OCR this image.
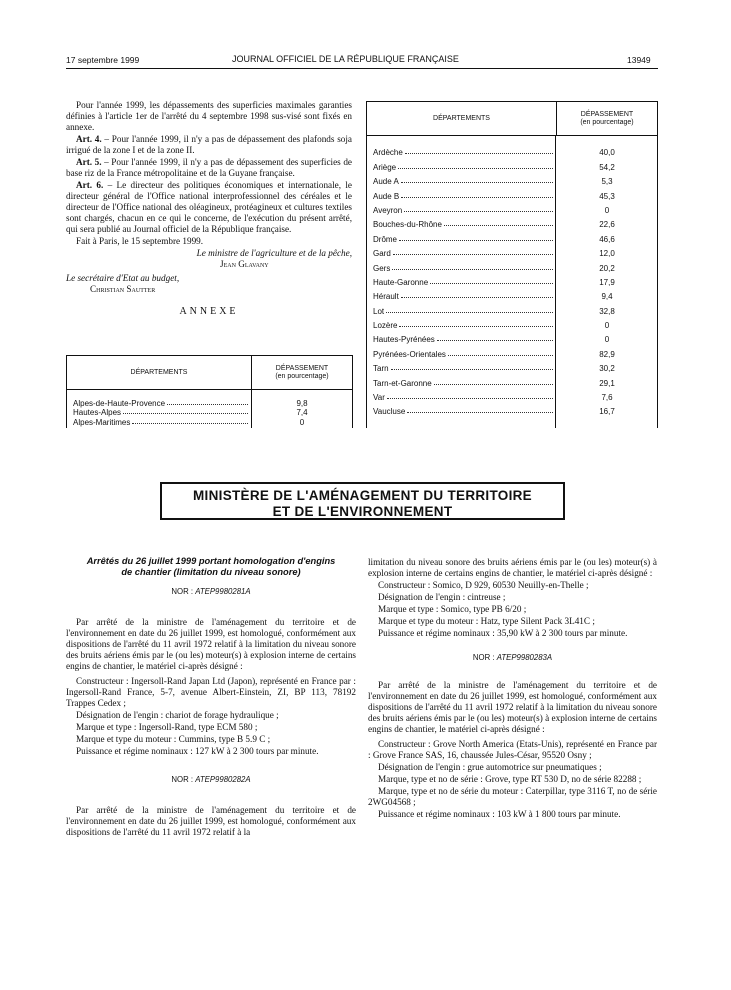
17 septembre 1999	JOURNAL OFFICIEL DE LA RÉPUBLIQUE FRANÇAISE	13949

Pour l'année 1999, les dépassements des superficies maximales garanties définies à l'article 1er de l'arrêté du 4 septembre 1998 sus-visé sont fixés en annexe.

Art. 4. – Pour l'année 1999, il n'y a pas de dépassement des plafonds soja irrigué de la zone I et de la zone II.

Art. 5. – Pour l'année 1999, il n'y a pas de dépassement des superficies de base riz de la France métropolitaine et de la Guyane française.

Art. 6. – Le directeur des politiques économiques et internationale, le directeur général de l'Office national interprofessionnel des céréales et le directeur de l'Office national des oléagineux, protéagineux et cultures textiles sont chargés, chacun en ce qui le concerne, de l'exécution du présent arrêté, qui sera publié au Journal officiel de la République française.

Fait à Paris, le 15 septembre 1999.

Le ministre de l'agriculture et de la pêche,
Jean Glavany
Le secrétaire d'Etat au budget,
Christian Sautter
ANNEXE
DÉPARTEMENTS
DÉPASSEMENT
(en pourcentage)
Alpes-de-Haute-Provence	9,8
Hautes-Alpes	7,4
Alpes-Maritimes	0
DÉPARTEMENTS
DÉPASSEMENT
(en pourcentage)
Ardèche	40,0
Ariège	54,2
Aude A	5,3
Aude B	45,3
Aveyron	0
Bouches-du-Rhône	22,6
Drôme	46,6
Gard	12,0
Gers	20,2
Haute-Garonne	17,9
Hérault	9,4
Lot	32,8
Lozère	0
Hautes-Pyrénées	0
Pyrénées-Orientales	82,9
Tarn	30,2
Tarn-et-Garonne	29,1
Var	7,6
Vaucluse	16,7
MINISTÈRE DE L'AMÉNAGEMENT DU TERRITOIRE
ET DE L'ENVIRONNEMENT
Arrêtés du 26 juillet 1999 portant homologation d'engins de chantier (limitation du niveau sonore)
NOR : ATEP9980281A

Par arrêté de la ministre de l'aménagement du territoire et de l'environnement en date du 26 juillet 1999, est homologué, conformément aux dispositions de l'arrêté du 11 avril 1972 relatif à la limitation du niveau sonore des bruits aériens émis par le (ou les) moteur(s) à explosion interne de certains engins de chantier, le matériel ci-après désigné :

Constructeur : Ingersoll-Rand Japan Ltd (Japon), représenté en France par : Ingersoll-Rand France, 5-7, avenue Albert-Einstein, ZI, BP 113, 78192 Trappes Cedex ;

Désignation de l'engin : chariot de forage hydraulique ;

Marque et type : Ingersoll-Rand, type ECM 580 ;

Marque et type du moteur : Cummins, type B 5.9 C ;

Puissance et régime nominaux : 127 kW à 2 300 tours par minute.

NOR : ATEP9980282A

Par arrêté de la ministre de l'aménagement du territoire et de l'environnement en date du 26 juillet 1999, est homologué, conformément aux dispositions de l'arrêté du 11 avril 1972 relatif à la

limitation du niveau sonore des bruits aériens émis par le (ou les) moteur(s) à explosion interne de certains engins de chantier, le matériel ci-après désigné :

Constructeur : Somico, D 929, 60530 Neuilly-en-Thelle ;

Désignation de l'engin : cintreuse ;

Marque et type : Somico, type PB 6/20 ;

Marque et type du moteur : Hatz, type Silent Pack 3L41C ;

Puissance et régime nominaux : 35,90 kW à 2 300 tours par minute.

NOR : ATEP9980283A

Par arrêté de la ministre de l'aménagement du territoire et de l'environnement en date du 26 juillet 1999, est homologué, conformément aux dispositions de l'arrêté du 11 avril 1972 relatif à la limitation du niveau sonore des bruits aériens émis par le (ou les) moteur(s) à explosion interne de certains engins de chantier, le matériel ci-après désigné :

Constructeur : Grove North America (Etats-Unis), représenté en France par : Grove France SAS, 16, chaussée Jules-César, 95520 Osny ;

Désignation de l'engin : grue automotrice sur pneumatiques ;

Marque, type et no de série : Grove, type RT 530 D, no de série 82288 ;

Marque, type et no de série du moteur : Caterpillar, type 3116 T, no de série 2WG04568 ;

Puissance et régime nominaux : 103 kW à 1 800 tours par minute.
